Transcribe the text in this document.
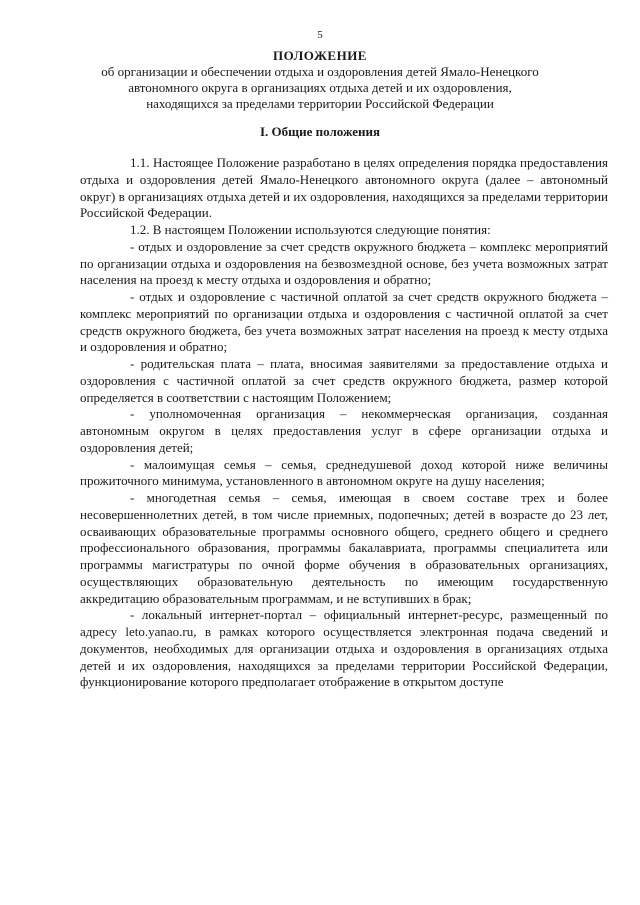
5
ПОЛОЖЕНИЕ
об организации и обеспечении отдыха и оздоровления детей Ямало-Ненецкого
автономного округа в организациях отдыха детей и их оздоровления,
находящихся за пределами территории Российской Федерации
I. Общие положения

1.1. Настоящее Положение разработано в целях определения порядка предоставления отдыха и оздоровления детей Ямало-Ненецкого автономного округа (далее – автономный округ) в организациях отдыха детей и их оздоровления, находящихся за пределами территории Российской Федерации.

1.2. В настоящем Положении используются следующие понятия:

- отдых и оздоровление за счет средств окружного бюджета – комплекс мероприятий по организации отдыха и оздоровления на безвозмездной основе, без учета возможных затрат населения на проезд к месту отдыха и оздоровления и обратно;

- отдых и оздоровление с частичной оплатой за счет средств окружного бюджета – комплекс мероприятий по организации отдыха и оздоровления с частичной оплатой за счет средств окружного бюджета, без учета возможных затрат населения на проезд к месту отдыха и оздоровления и обратно;

- родительская плата – плата, вносимая заявителями за предоставление отдыха и оздоровления с частичной оплатой за счет средств окружного бюджета, размер которой определяется в соответствии с настоящим Положением;

- уполномоченная организация – некоммерческая организация, созданная автономным округом в целях предоставления услуг в сфере организации отдыха и оздоровления детей;

- малоимущая семья – семья, среднедушевой доход которой ниже величины прожиточного минимума, установленного в автономном округе на душу населения;

- многодетная семья – семья, имеющая в своем составе трех и более несовершеннолетних детей, в том числе приемных, подопечных; детей в возрасте до 23 лет, осваивающих образовательные программы основного общего, среднего общего и среднего профессионального образования, программы бакалавриата, программы специалитета или программы магистратуры по очной форме обучения в образовательных организациях, осуществляющих образовательную деятельность по имеющим государственную аккредитацию образовательным программам, и не вступивших в брак;

- локальный интернет-портал – официальный интернет-ресурс, размещенный по адресу leto.yanao.ru, в рамках которого осуществляется электронная подача сведений и документов, необходимых для организации отдыха и оздоровления в организациях отдыха детей и их оздоровления, находящихся за пределами территории Российской Федерации, функционирование которого предполагает отображение в открытом доступе
